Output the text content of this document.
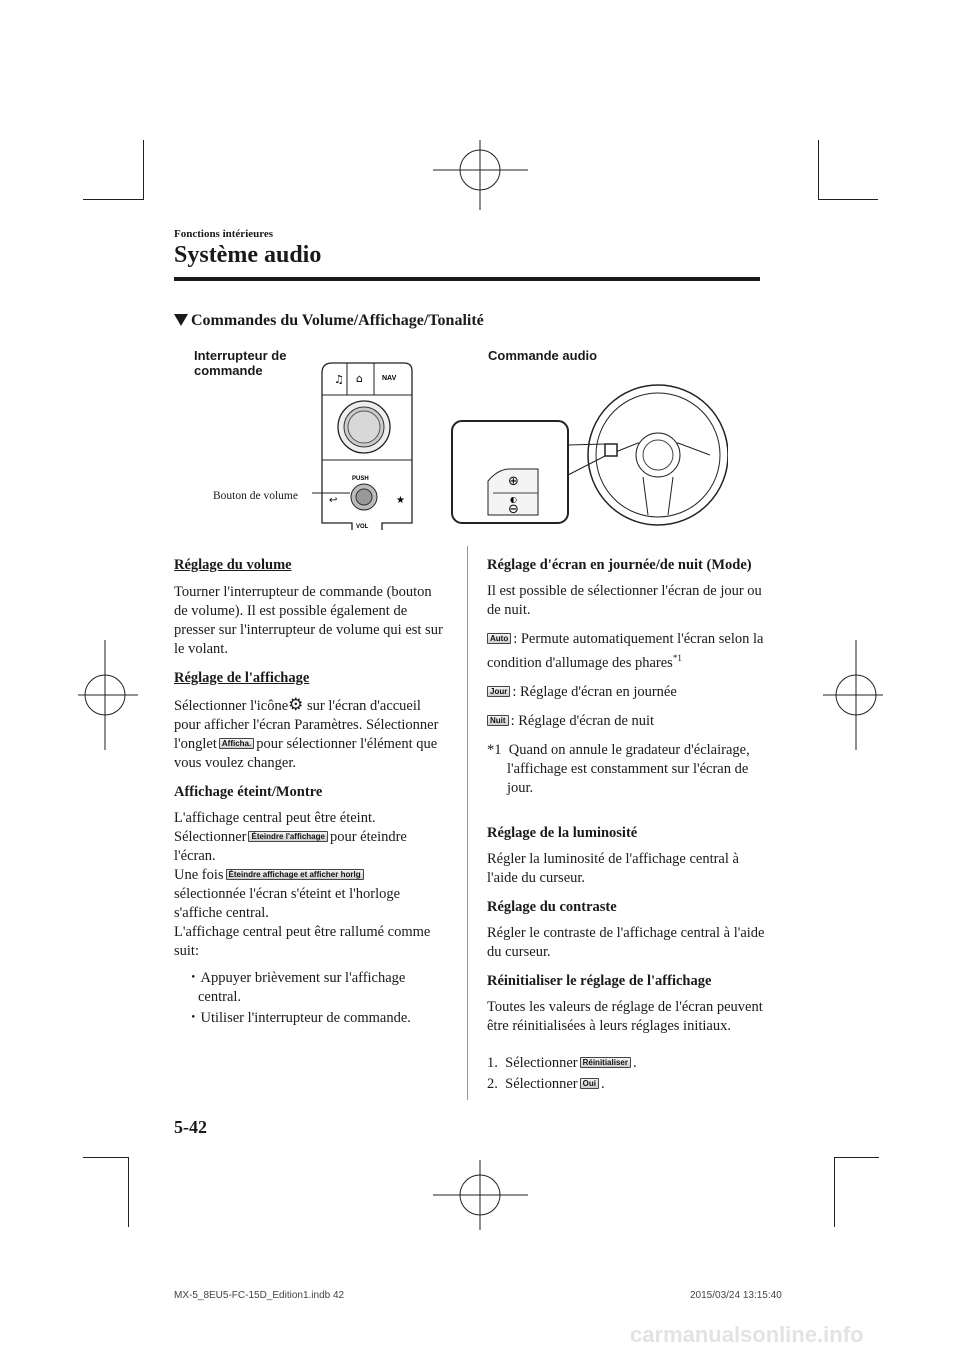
Fonctions intérieures
Système audio
Commandes du Volume/Affichage/Tonalité
Interrupteur de commande
Commande audio
Bouton de volume
♫ ⌂	NAV
PUSH
↩	★
VOL
⊕
◐
⊖
Réglage du volume

Tourner l'interrupteur de commande (bouton de volume). Il est possible également de presser sur l'interrupteur de volume qui est sur le volant.

Réglage de l'affichage

Sélectionner l'icône⚙ sur l'écran d'accueil pour afficher l'écran Paramètres. Sélectionner l'onglet Afficha. pour sélectionner l'élément que vous voulez changer.

Affichage éteint/Montre

L'affichage central peut être éteint.
Sélectionner Éteindre l'affichage pour éteindre l'écran.
Une fois Éteindre affichage et afficher horlg
sélectionnée l'écran s'éteint et l'horloge s'affiche central.
L'affichage central peut être rallumé comme suit:

・Appuyer brièvement sur l'affichage central.

・Utiliser l'interrupteur de commande.

Réglage d'écran en journée/de nuit (Mode)

Il est possible de sélectionner l'écran de jour ou de nuit.

Auto : Permute automatiquement l'écran selon la condition d'allumage des phares$^{*1}$

Jour : Réglage d'écran en journée

Nuit : Réglage d'écran de nuit

*1 Quand on annule le gradateur d'éclairage, l'affichage est constamment sur l'écran de jour.

Réglage de la luminosité

Régler la luminosité de l'affichage central à l'aide du curseur.

Réglage du contraste

Régler le contraste de l'affichage central à l'aide du curseur.

Réinitialiser le réglage de l'affichage

Toutes les valeurs de réglage de l'écran peuvent être réinitialisées à leurs réglages initiaux.

1. Sélectionner Réinitialiser .

2. Sélectionner Oui .

5-42
MX-5_8EU5-FC-15D_Edition1.indb 42	2015/03/24 13:15:40
carmanualsonline.info
